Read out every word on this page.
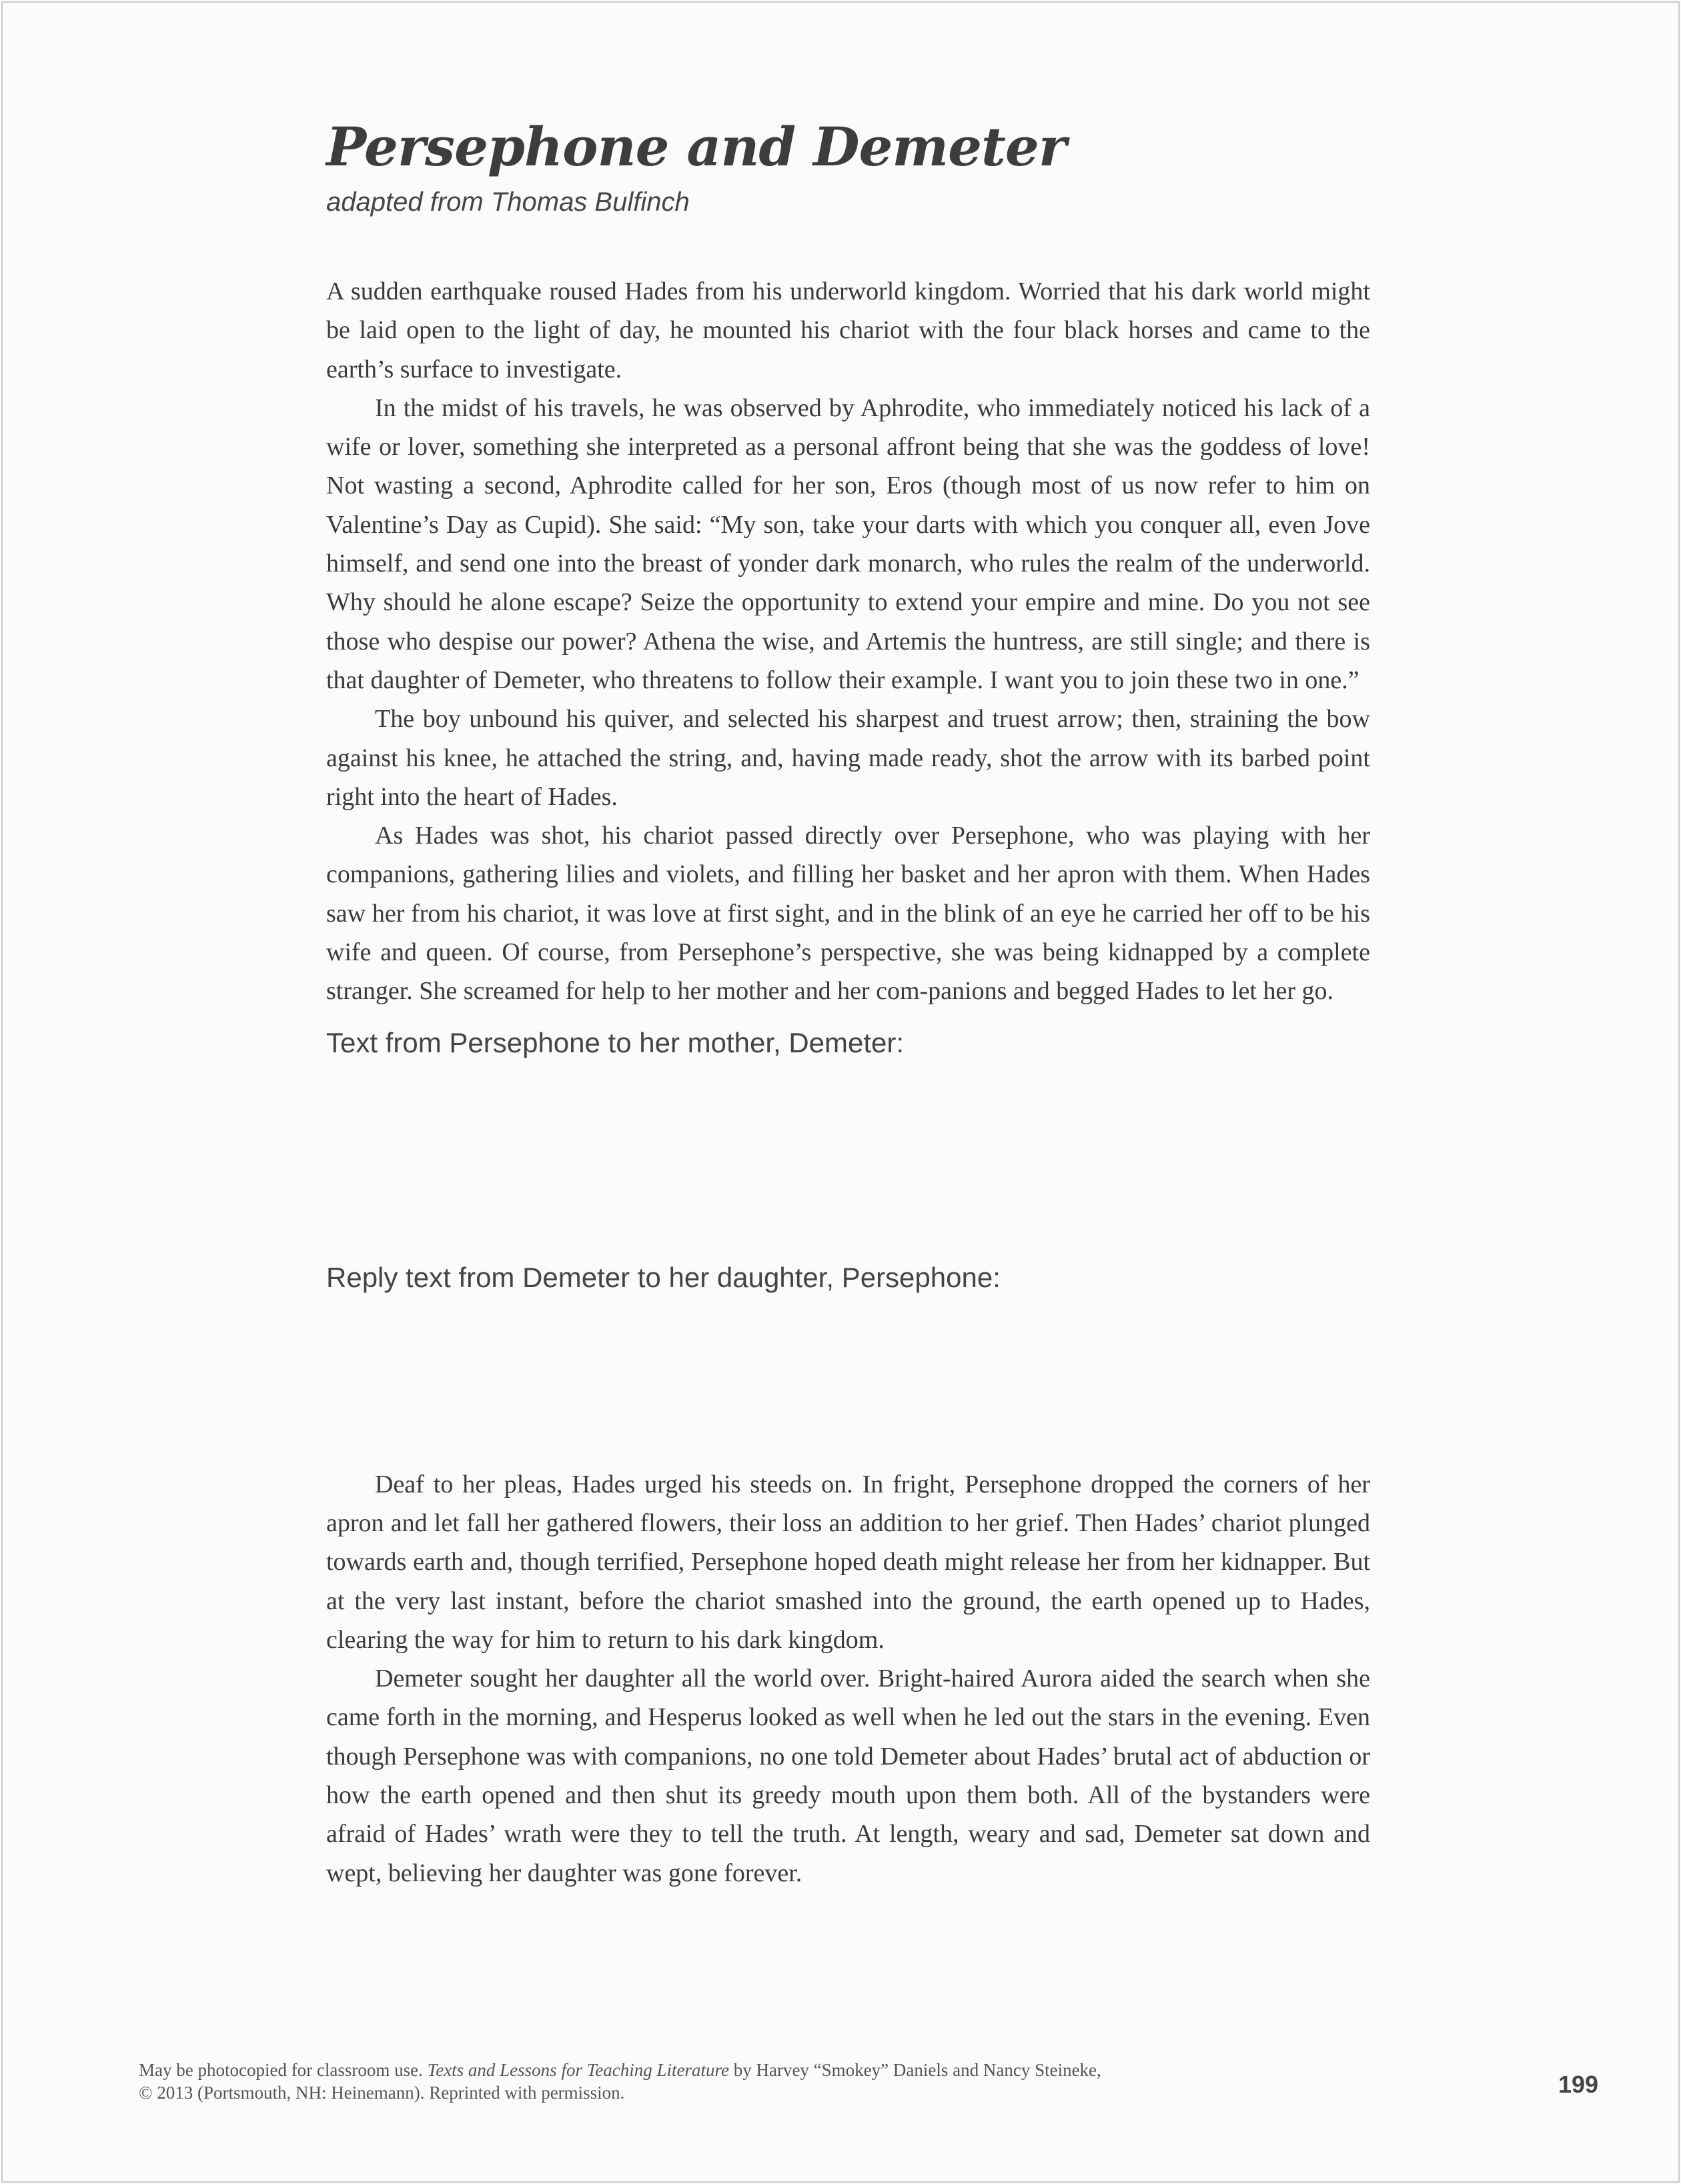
Persephone and Demeter

adapted from Thomas Bulfinch

A sudden earthquake roused Hades from his underworld kingdom. Worried that his dark world might be laid open to the light of day, he mounted his chariot with the four black horses and came to the earth’s surface to investigate.

In the midst of his travels, he was observed by Aphrodite, who immediately noticed his lack of a wife or lover, something she interpreted as a personal affront being that she was the goddess of love! Not wasting a second, Aphrodite called for her son, Eros (though most of us now refer to him on Valentine’s Day as Cupid). She said: “My son, take your darts with which you conquer all, even Jove himself, and send one into the breast of yonder dark monarch, who rules the realm of the underworld. Why should he alone escape? Seize the opportunity to extend your empire and mine. Do you not see those who despise our power? Athena the wise, and Artemis the huntress, are still single; and there is that daughter of Demeter, who threatens to follow their example. I want you to join these two in one.”

The boy unbound his quiver, and selected his sharpest and truest arrow; then, straining the bow against his knee, he attached the string, and, having made ready, shot the arrow with its barbed point right into the heart of Hades.

As Hades was shot, his chariot passed directly over Persephone, who was playing with her companions, gathering lilies and violets, and filling her basket and her apron with them. When Hades saw her from his chariot, it was love at first sight, and in the blink of an eye he carried her off to be his wife and queen. Of course, from Persephone’s perspective, she was being kidnapped by a complete stranger. She screamed for help to her mother and her com-panions and begged Hades to let her go.

Text from Persephone to her mother, Demeter:

Reply text from Demeter to her daughter, Persephone:

Deaf to her pleas, Hades urged his steeds on. In fright, Persephone dropped the corners of her apron and let fall her gathered flowers, their loss an addition to her grief. Then Hades’ chariot plunged towards earth and, though terrified, Persephone hoped death might release her from her kidnapper. But at the very last instant, before the chariot smashed into the ground, the earth opened up to Hades, clearing the way for him to return to his dark kingdom.

Demeter sought her daughter all the world over. Bright-haired Aurora aided the search when she came forth in the morning, and Hesperus looked as well when he led out the stars in the evening. Even though Persephone was with companions, no one told Demeter about Hades’ brutal act of abduction or how the earth opened and then shut its greedy mouth upon them both. All of the bystanders were afraid of Hades’ wrath were they to tell the truth. At length, weary and sad, Demeter sat down and wept, believing her daughter was gone forever.

May be photocopied for classroom use. Texts and Lessons for Teaching Literature by Harvey “Smokey” Daniels and Nancy Steineke,
© 2013 (Portsmouth, NH: Heinemann). Reprinted with permission.	199
